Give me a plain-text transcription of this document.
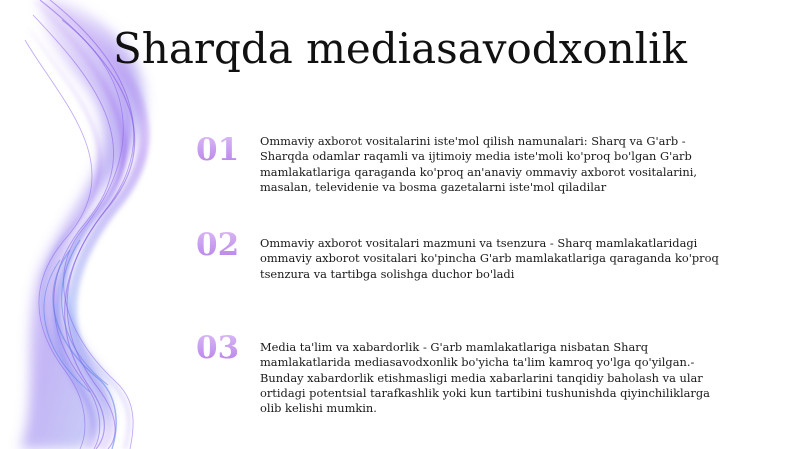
Sharqda mediasavodxonlik
01	Ommaviy axborot vositalarini iste'mol qilish namunalari: Sharq va G'arb - Sharqda odamlar raqamli va ijtimoiy media iste'moli ko'proq bo'lgan G'arb mamlakatlariga qaraganda ko'proq an'anaviy ommaviy axborot vositalarini, masalan, televidenie va bosma gazetalarni iste'mol qiladilar
02	Ommaviy axborot vositalari mazmuni va tsenzura - Sharq mamlakatlaridagi ommaviy axborot vositalari ko'pincha G'arb mamlakatlariga qaraganda ko'proq tsenzura va tartibga solishga duchor bo'ladi
03	Media ta'lim va xabardorlik - G'arb mamlakatlariga nisbatan Sharq mamlakatlarida mediasavodxonlik bo'yicha ta'lim kamroq yo'lga qo'yilgan.- Bunday xabardorlik etishmasligi media xabarlarini tanqidiy baholash va ular ortidagi potentsial tarafkashlik yoki kun tartibini tushunishda qiyinchiliklarga olib kelishi mumkin.
